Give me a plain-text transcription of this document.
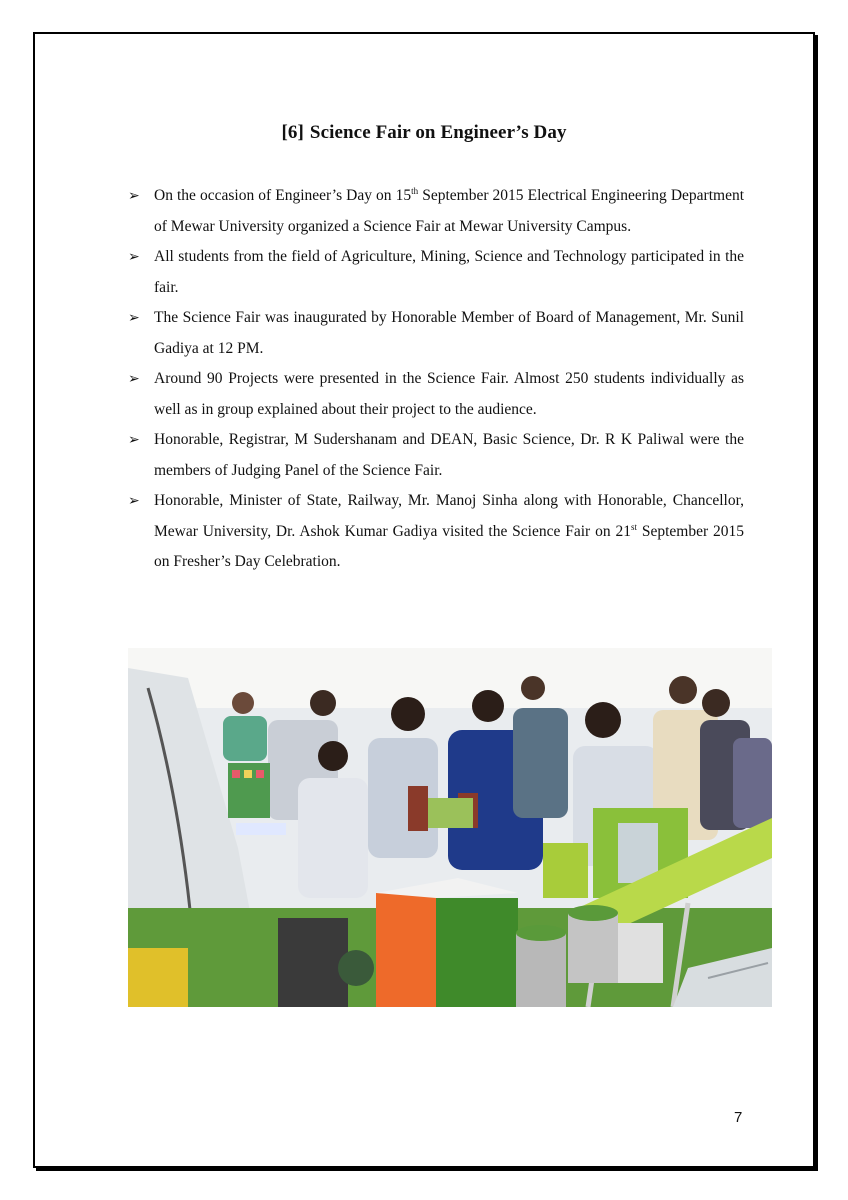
[6] Science Fair on Engineer’s Day
➢ On the occasion of Engineer’s Day on 15th September 2015 Electrical Engineering Department of Mewar University organized a Science Fair at Mewar University Campus.
➢ All students from the field of Agriculture, Mining, Science and Technology participated in the fair.
➢ The Science Fair was inaugurated by Honorable Member of Board of Management, Mr. Sunil Gadiya at 12 PM.
➢ Around 90 Projects were presented in the Science Fair. Almost 250 students individually as well as in group explained about their project to the audience.
➢ Honorable, Registrar, M Sudershanam and DEAN, Basic Science, Dr. R K Paliwal were the members of Judging Panel of the Science Fair.
➢ Honorable, Minister of State, Railway, Mr. Manoj Sinha along with Honorable, Chancellor, Mewar University, Dr. Ashok Kumar Gadiya visited the Science Fair on 21st September 2015 on Fresher’s Day Celebration.
7
